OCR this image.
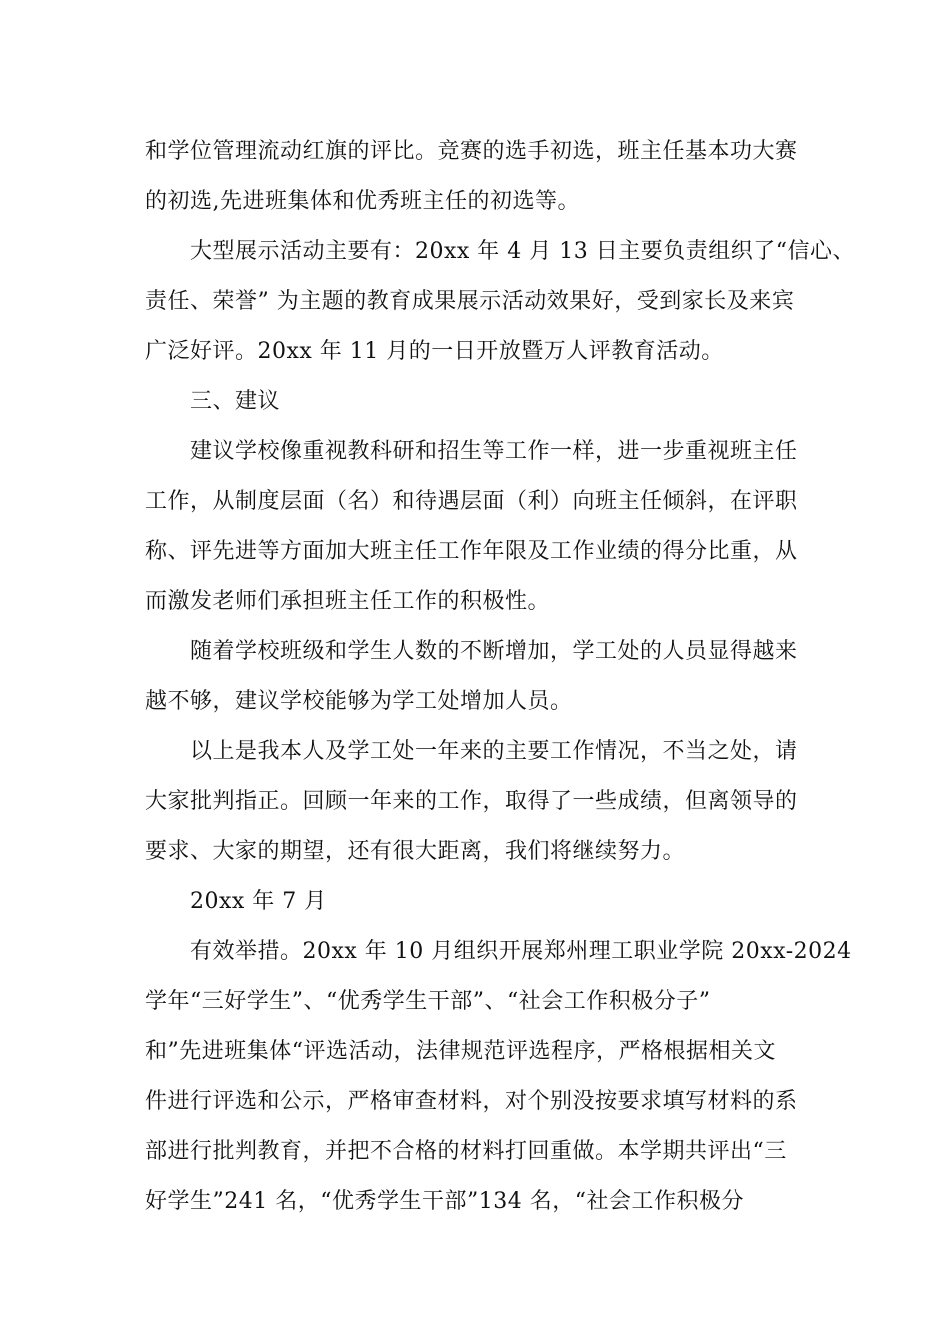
和学位管理流动红旗的评比。竞赛的选手初选，班主任基本功大赛
的初选,先进班集体和优秀班主任的初选等。
大型展示活动主要有：20xx 年 4 月 13 日主要负责组织了“信心、
责任、荣誉” 为主题的教育成果展示活动效果好，受到家长及来宾
广泛好评。20xx 年 11 月的一日开放暨万人评教育活动。
三、建议
建议学校像重视教科研和招生等工作一样，进一步重视班主任
工作，从制度层面（名）和待遇层面（利）向班主任倾斜，在评职
称、评先进等方面加大班主任工作年限及工作业绩的得分比重，从
而激发老师们承担班主任工作的积极性。
随着学校班级和学生人数的不断增加，学工处的人员显得越来
越不够，建议学校能够为学工处增加人员。
以上是我本人及学工处一年来的主要工作情况，不当之处，请
大家批判指正。回顾一年来的工作，取得了一些成绩，但离领导的
要求、大家的期望，还有很大距离，我们将继续努力。
20xx 年 7 月
有效举措。20xx 年 10 月组织开展郑州理工职业学院 20xx-2024
学年“三好学生”、“优秀学生干部”、“社会工作积极分子”
和”先进班集体“评选活动，法律规范评选程序，严格根据相关文
件进行评选和公示，严格审查材料，对个别没按要求填写材料的系
部进行批判教育，并把不合格的材料打回重做。本学期共评出“三
好学生”241 名，“优秀学生干部”134 名，“社会工作积极分
